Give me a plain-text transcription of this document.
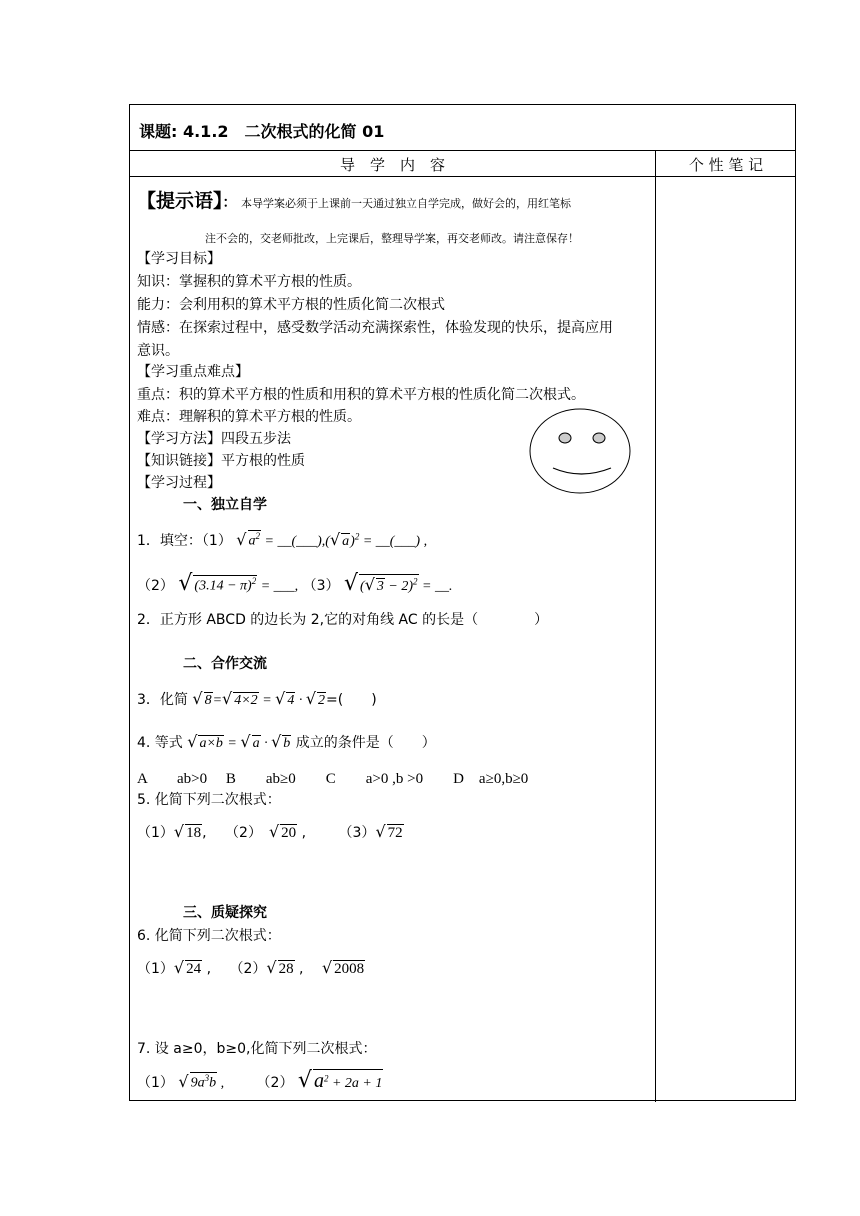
课题: 4.1.2　二次根式的化简 01
导　学　内　容	个 性 笔 记
【提示语】： 本导学案必须于上课前一天通过独立自学完成，做好会的，用红笔标
注不会的，交老师批改，上完课后，整理导学案，再交老师改。请注意保存！
【学习目标】
知识：掌握积的算术平方根的性质。
能力：会利用积的算术平方根的性质化简二次根式
情感：在探索过程中，感受数学活动充满探索性，体验发现的快乐，提高应用
意识。
【学习重点难点】
重点：积的算术平方根的性质和用积的算术平方根的性质化简二次根式。
难点：理解积的算术平方根的性质。
【学习方法】四段五步法
【知识链接】平方根的性质
【学习过程】
一、独立自学
1．填空：（1） √ $a^2$ = __(___),(√ a)$^2$ = __(___) ,
（2） √ $(3.14 - \pi)^2$ = ___, （3） √ (√ 3 − 2)$^2$ = __.
2．正方形 ABCD 的边长为 2,它的对角线 AC 的长是（　　　　）
二、合作交流
3．化简 √ 8=√ 4×2 = √ 4 · √ 2=(　　)
4. 等式 √ a×b = √ a · √ b 成立的条件是（　　）
A　　ab>0　 B　　ab≥0　　C　　a>0 ,b >0　　D　a≥0,b≥0
5. 化简下列二次根式：
（1）√ 18,　 （2）　 √ 20 ,　　 （3）√ 72
三、质疑探究
6. 化简下列二次根式：
（1）√ 24 ,　 （2）√ 28 ,　 √ 2008
7. 设 a≥0，b≥0,化简下列二次根式：
（1） √ $9a^3b$ ,　　 （2） √ $a^2 + 2a + 1$
